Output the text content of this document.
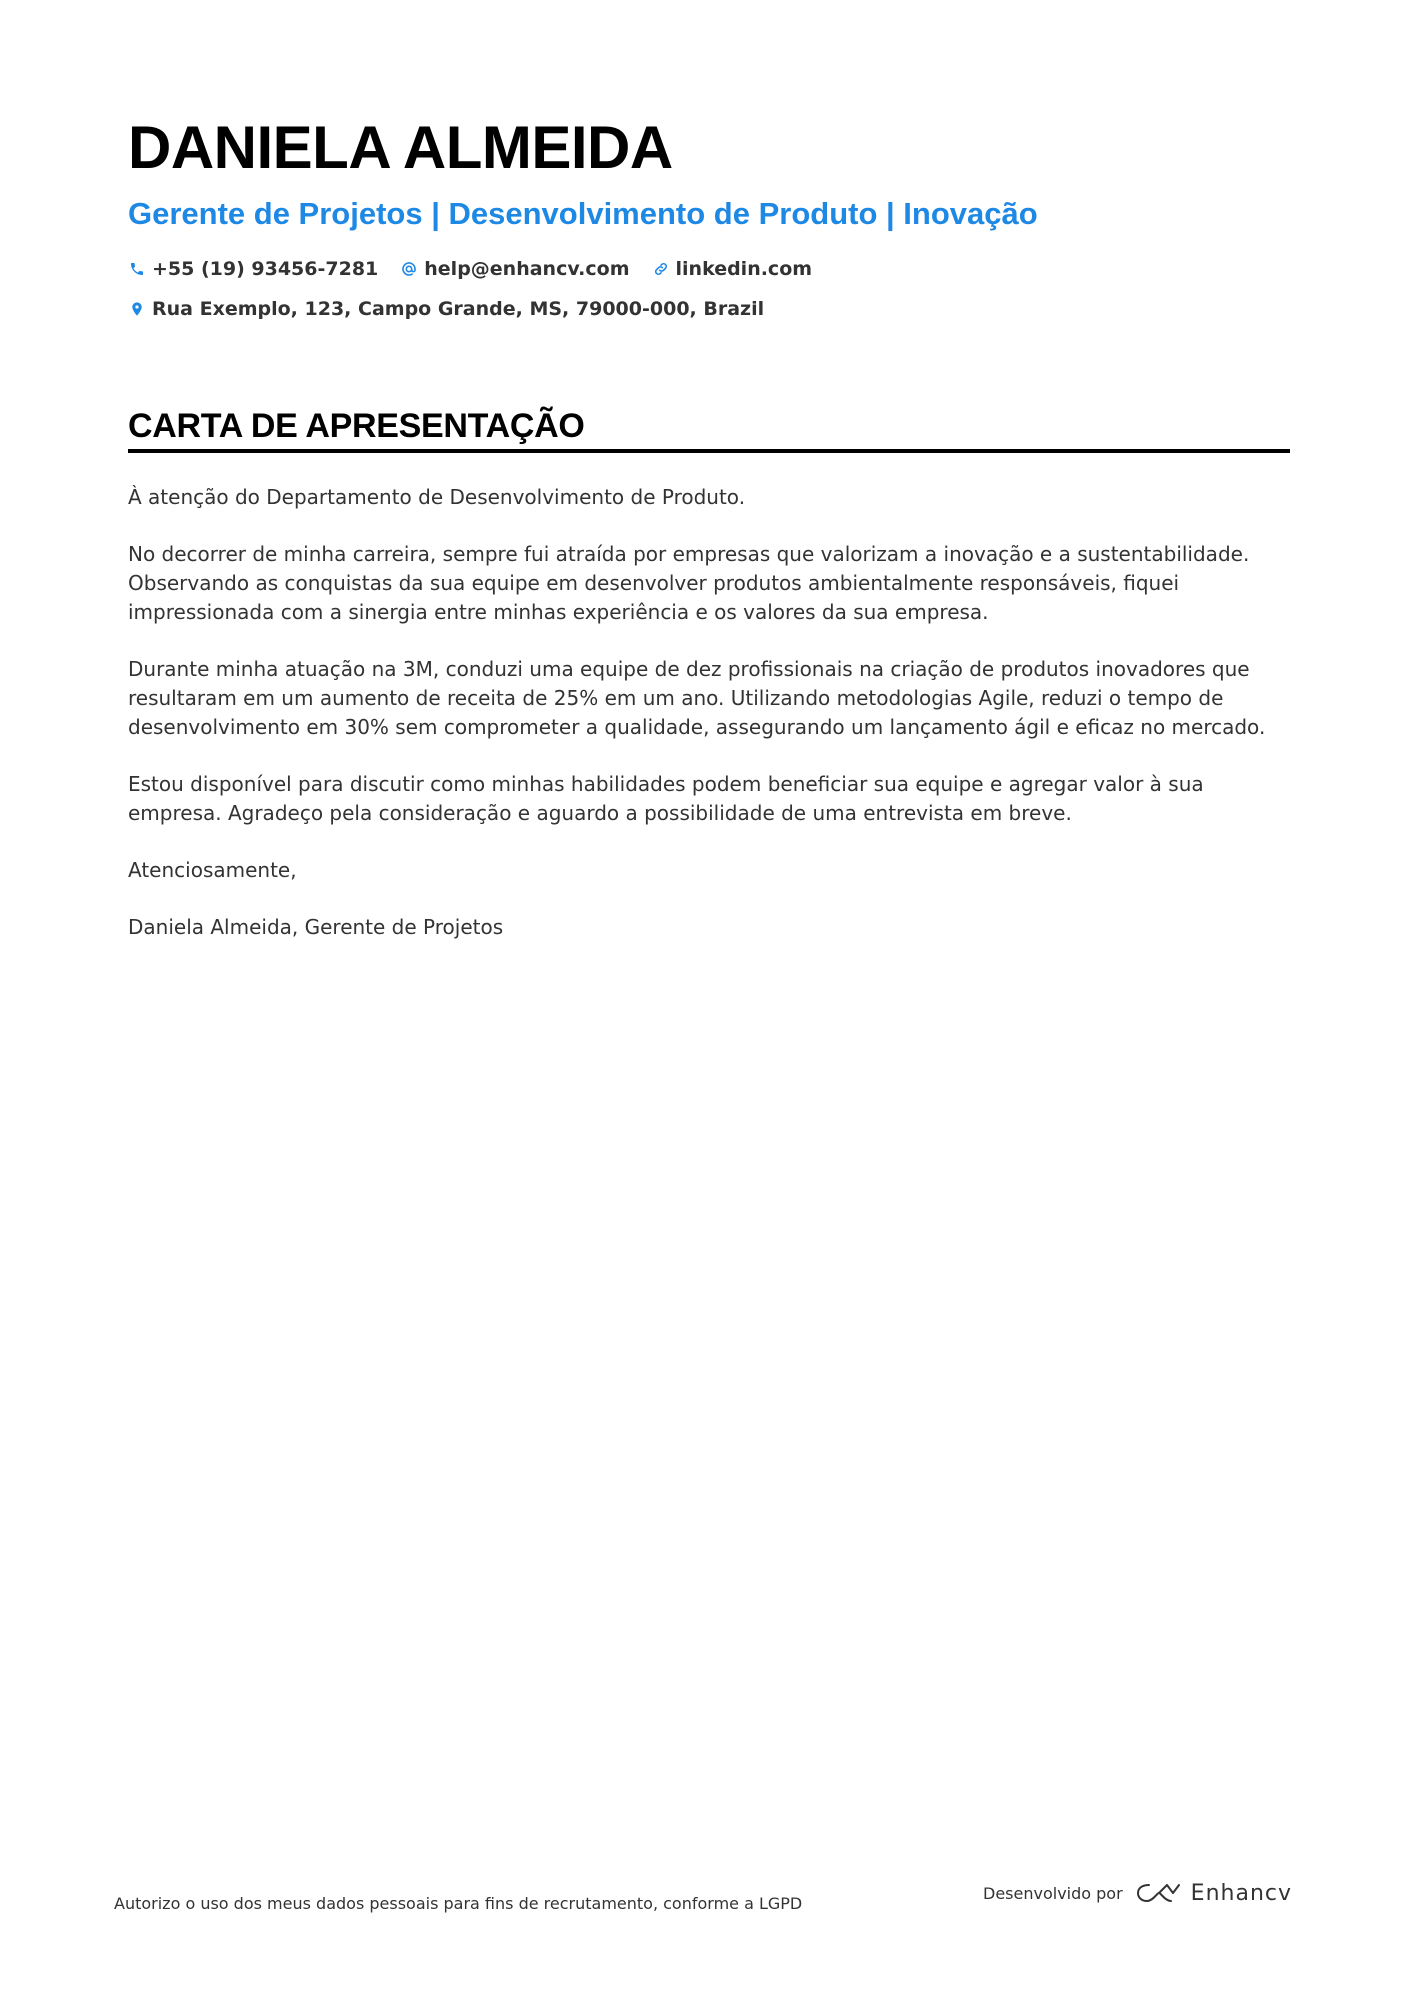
DANIELA ALMEIDA
Gerente de Projetos | Desenvolvimento de Produto | Inovação
+55 (19) 93456-7281 help@enhancv.com linkedin.com
Rua Exemplo, 123, Campo Grande, MS, 79000-000, Brazil
CARTA DE APRESENTAÇÃO

À atenção do Departamento de Desenvolvimento de Produto.

No decorrer de minha carreira, sempre fui atraída por empresas que valorizam a inovação e a sustentabilidade. Observando as conquistas da sua equipe em desenvolver produtos ambientalmente responsáveis, fiquei impressionada com a sinergia entre minhas experiência e os valores da sua empresa.

Durante minha atuação na 3M, conduzi uma equipe de dez profissionais na criação de produtos inovadores que resultaram em um aumento de receita de 25% em um ano. Utilizando metodologias Agile, reduzi o tempo de desenvolvimento em 30% sem comprometer a qualidade, assegurando um lançamento ágil e eficaz no mercado.

Estou disponível para discutir como minhas habilidades podem beneficiar sua equipe e agregar valor à sua empresa. Agradeço pela consideração e aguardo a possibilidade de uma entrevista em breve.

Atenciosamente,

Daniela Almeida, Gerente de Projetos

Autorizo o uso dos meus dados pessoais para fins de recrutamento, conforme a LGPD
Desenvolvido por	Enhancv
